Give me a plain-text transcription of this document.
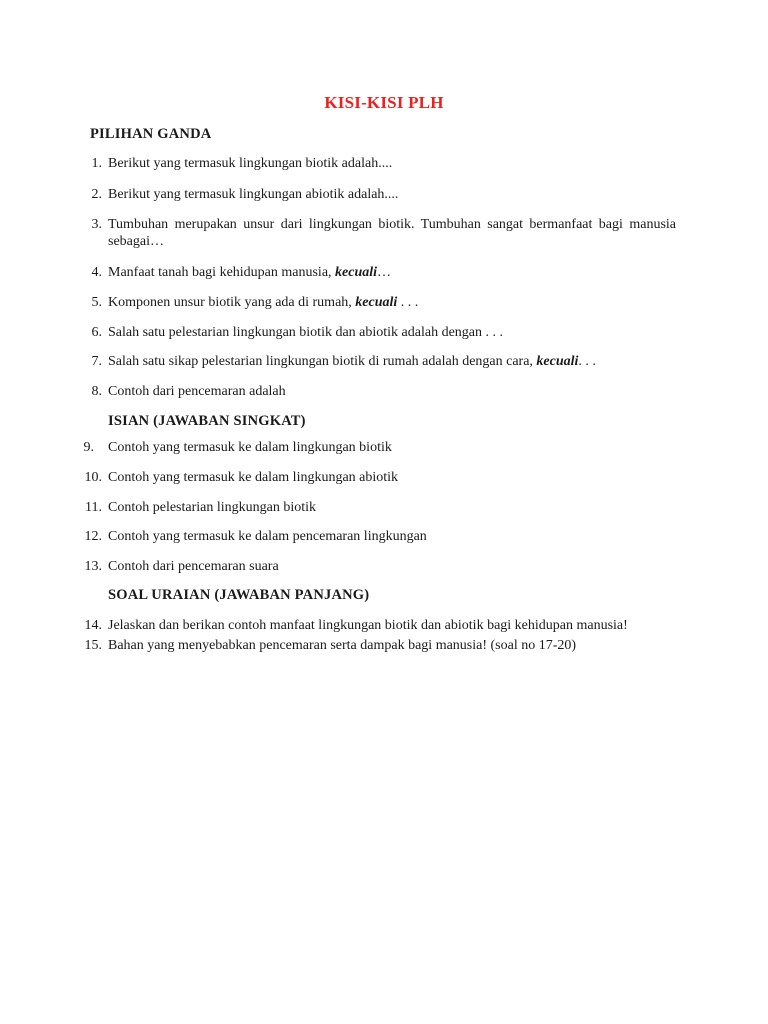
KISI-KISI PLH
PILIHAN GANDA
1. Berikut yang termasuk lingkungan biotik adalah....
2. Berikut yang termasuk lingkungan abiotik adalah....
3. Tumbuhan merupakan unsur dari lingkungan biotik. Tumbuhan sangat bermanfaat bagi manusia sebagai…
4. Manfaat tanah bagi kehidupan manusia, kecuali…
5. Komponen unsur biotik yang ada di rumah, kecuali . . .
6. Salah satu pelestarian lingkungan biotik dan abiotik adalah dengan . . .
7. Salah satu sikap pelestarian lingkungan biotik di rumah adalah dengan cara, kecuali. . .
8. Contoh dari pencemaran adalah
ISIAN (JAWABAN SINGKAT)
9. Contoh yang termasuk ke dalam lingkungan biotik
10. Contoh yang termasuk ke dalam lingkungan abiotik
11. Contoh pelestarian lingkungan biotik
12. Contoh yang termasuk ke dalam pencemaran lingkungan
13. Contoh dari pencemaran suara
SOAL URAIAN (JAWABAN PANJANG)
14. Jelaskan dan berikan contoh manfaat lingkungan biotik dan abiotik bagi kehidupan manusia!
15. Bahan yang menyebabkan pencemaran serta dampak bagi manusia! (soal no 17-20)
